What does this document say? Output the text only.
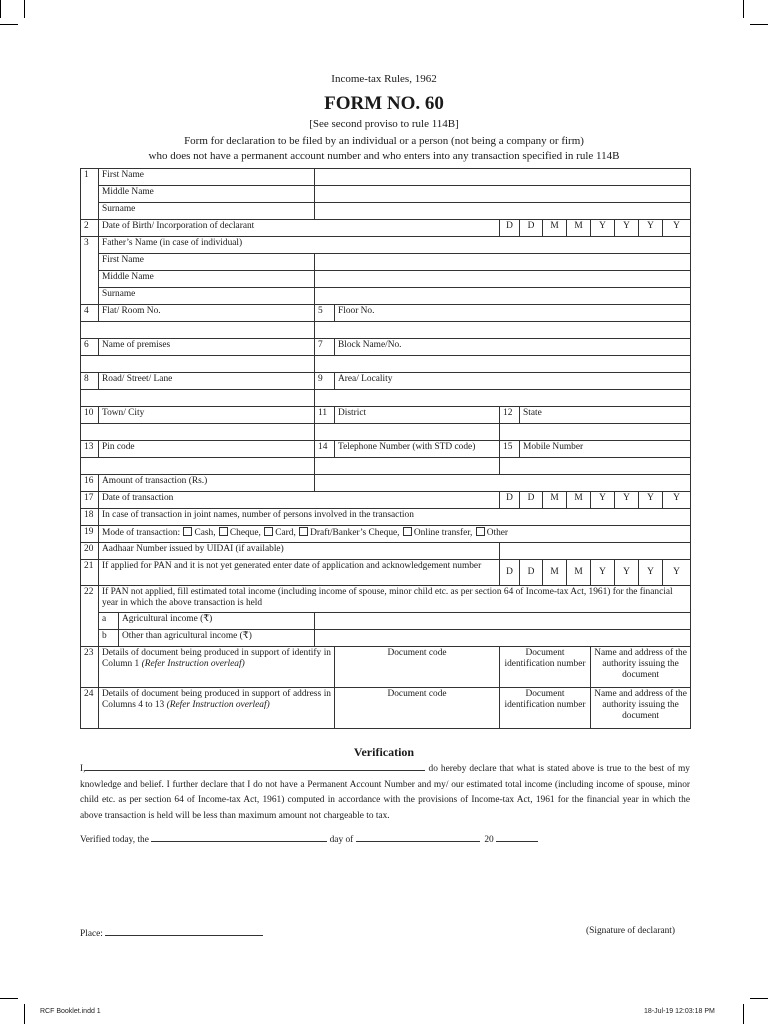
Income-tax Rules, 1962
FORM NO. 60
[See second proviso to rule 114B]
Form for declaration to be filed by an individual or a person (not being a company or firm)
who does not have a permanent account number and who enters into any transaction specified in rule 114B
1	First Name											
	Middle Name											
	Surname											
2	Date of Birth/ Incorporation of declarant				D	D	M	M	Y	Y	Y	Y
3	Father’s Name (in case of individual)											
	First Name											
	Middle Name											
	Surname											
4	Flat/ Room No.		5	Floor No.								

6	Name of premises		7	Block Name/No.								

8	Road/ Street/ Lane		9	Area/ Locality								

10	Town/ City		11	District	12	State						

13	Pin code		14	Telephone Number (with STD code)	15	Mobile Number						

16	Amount of transaction (Rs.)											
17	Date of transaction				D	D	M	M	Y	Y	Y	Y
18	In case of transaction in joint names, number of persons involved in the transaction											
19	Mode of transaction: Cash, Cheque, Card, Draft/Banker’s Cheque, Online transfer, Other											
20	Aadhaar Number issued by UIDAI (if available)											
21	If applied for PAN and it is not yet generated enter date of application and acknowledgement number				D	D	M	M	Y	Y	Y	Y
22	If PAN not applied, fill estimated total income (including income of spouse, minor child etc. as per section 64 of Income-tax Act, 1961) for the financial year in which the above transaction is held											
	a	Agricultural income (₹)										
	b	Other than agricultural income (₹)										
23	Details of document being produced in support of identify in Column 1 (Refer Instruction overleaf)			Document code	Document identification number				Name and address of the authority issuing the document			
24	Details of document being produced in support of address in Columns 4 to 13 (Refer Instruction overleaf)			Document code	Document identification number				Name and address of the authority issuing the document			
Verification
I,	do hereby declare that what is stated above is true to the best of my knowledge and belief. I further declare that I do not have a Permanent Account Number and my/ our estimated total income (including income of spouse, minor child etc. as per section 64 of Income-tax Act, 1961) computed in accordance with the provisions of Income-tax Act, 1961 for the financial year in which the above transaction is held will be less than maximum amount not chargeable to tax.
Verified today, the	day of	20
Place:	(Signature of declarant)
RCF Booklet.indd 1	18-Jul-19 12:03:18 PM
